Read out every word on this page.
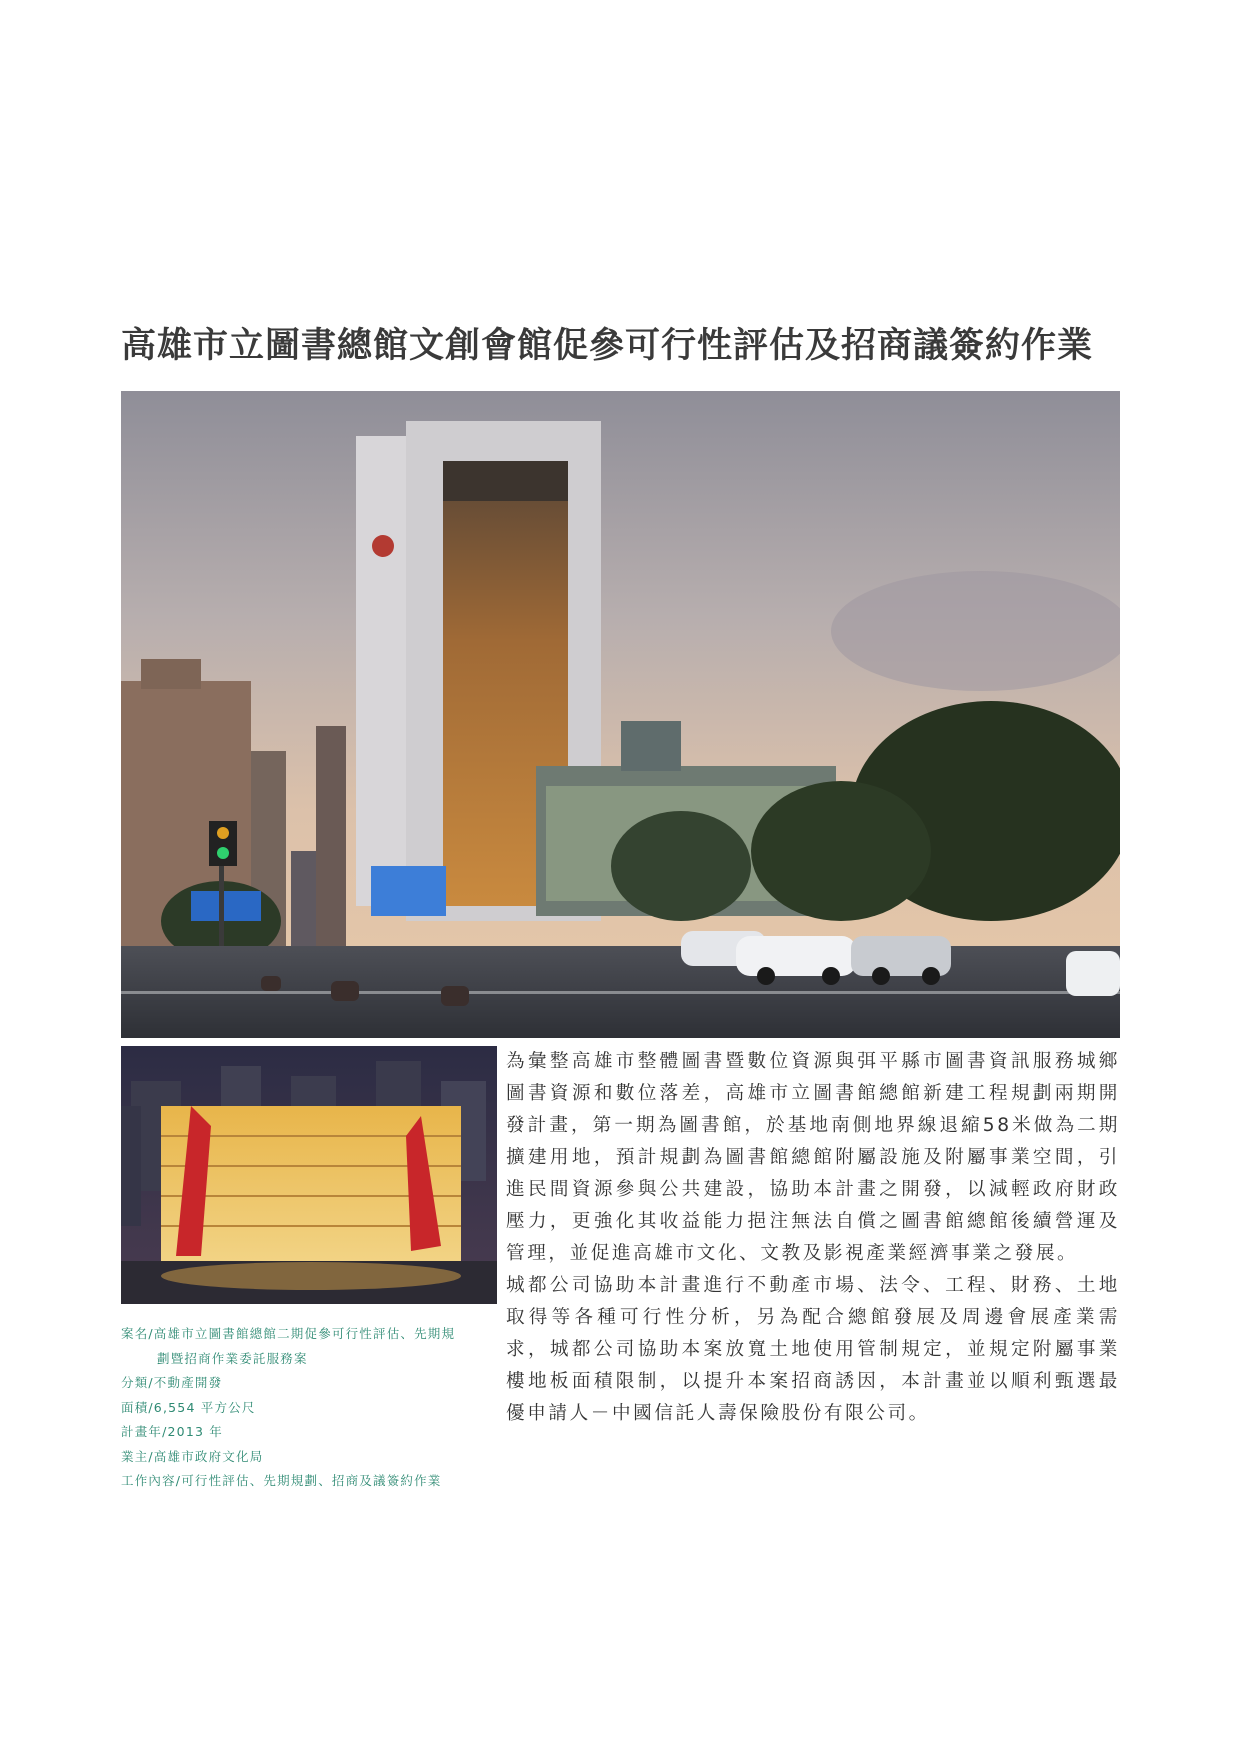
高雄市立圖書總館文創會館促參可行性評估及招商議簽約作業

為彙整高雄市整體圖書暨數位資源與弭平縣市圖書資訊服務城鄉圖書資源和數位落差，高雄市立圖書館總館新建工程規劃兩期開發計畫，第一期為圖書館，於基地南側地界線退縮58米做為二期擴建用地，預計規劃為圖書館總館附屬設施及附屬事業空間，引進民間資源參與公共建設，協助本計畫之開發，以減輕政府財政壓力，更強化其收益能力挹注無法自償之圖書館總館後續營運及管理，並促進高雄市文化、文教及影視產業經濟事業之發展。

城都公司協助本計畫進行不動產市場、法令、工程、財務、土地取得等各種可行性分析，另為配合總館發展及周邊會展產業需求，城都公司協助本案放寬土地使用管制規定，並規定附屬事業樓地板面積限制，以提升本案招商誘因，本計畫並以順利甄選最優申請人－中國信託人壽保險股份有限公司。

案名/高雄市立圖書館總館二期促參可行性評估、先期規
劃暨招商作業委託服務案
分類/不動產開發
面積/6,554 平方公尺
計畫年/2013 年
業主/高雄市政府文化局
工作內容/可行性評估、先期規劃、招商及議簽約作業
